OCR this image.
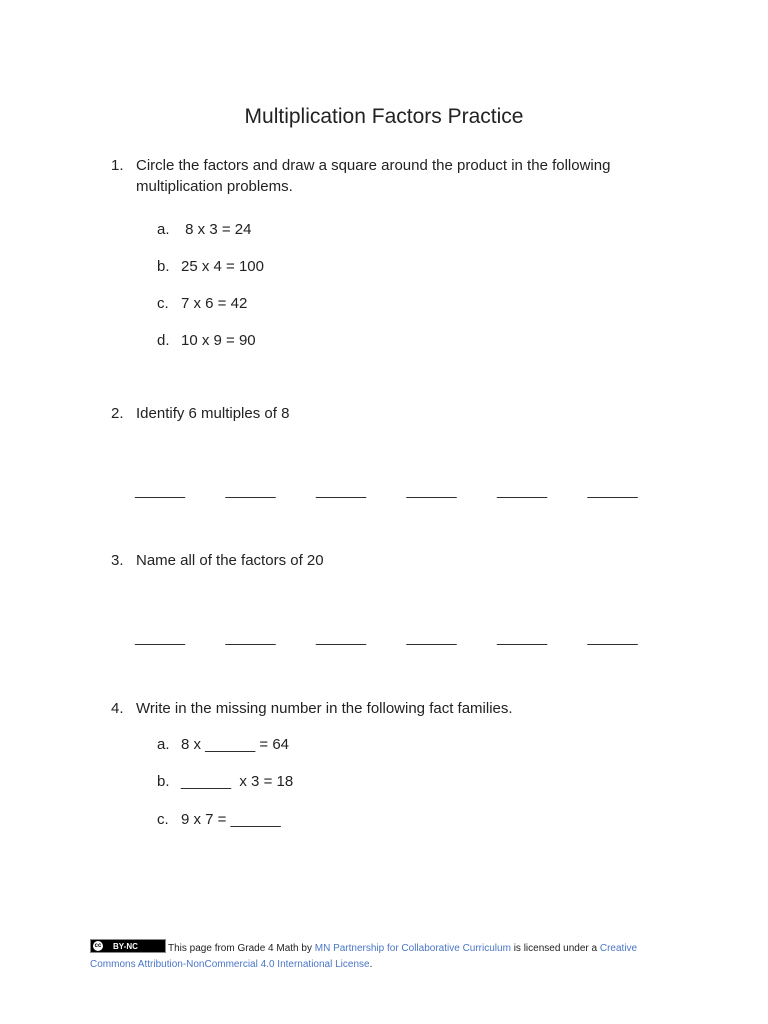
Multiplication Factors Practice
1. Circle the factors and draw a square around the product in the following multiplication problems.
a. 8 x 3 = 24
b. 25 x 4 = 100
c. 7 x 6 = 42
d. 10 x 9 = 90
2. Identify 6 multiples of 8
______	______	______	______	______	______
3. Name all of the factors of 20
______	______	______	______	______	______
4. Write in the missing number in the following fact families.
a. 8 x ______ = 64
b. ______  x 3 = 18
c. 9 x 7 = ______
cc BY-NC	This page from Grade 4 Math by MN Partnership for Collaborative Curriculum is licensed under a Creative Commons Attribution-NonCommercial 4.0 International License.
